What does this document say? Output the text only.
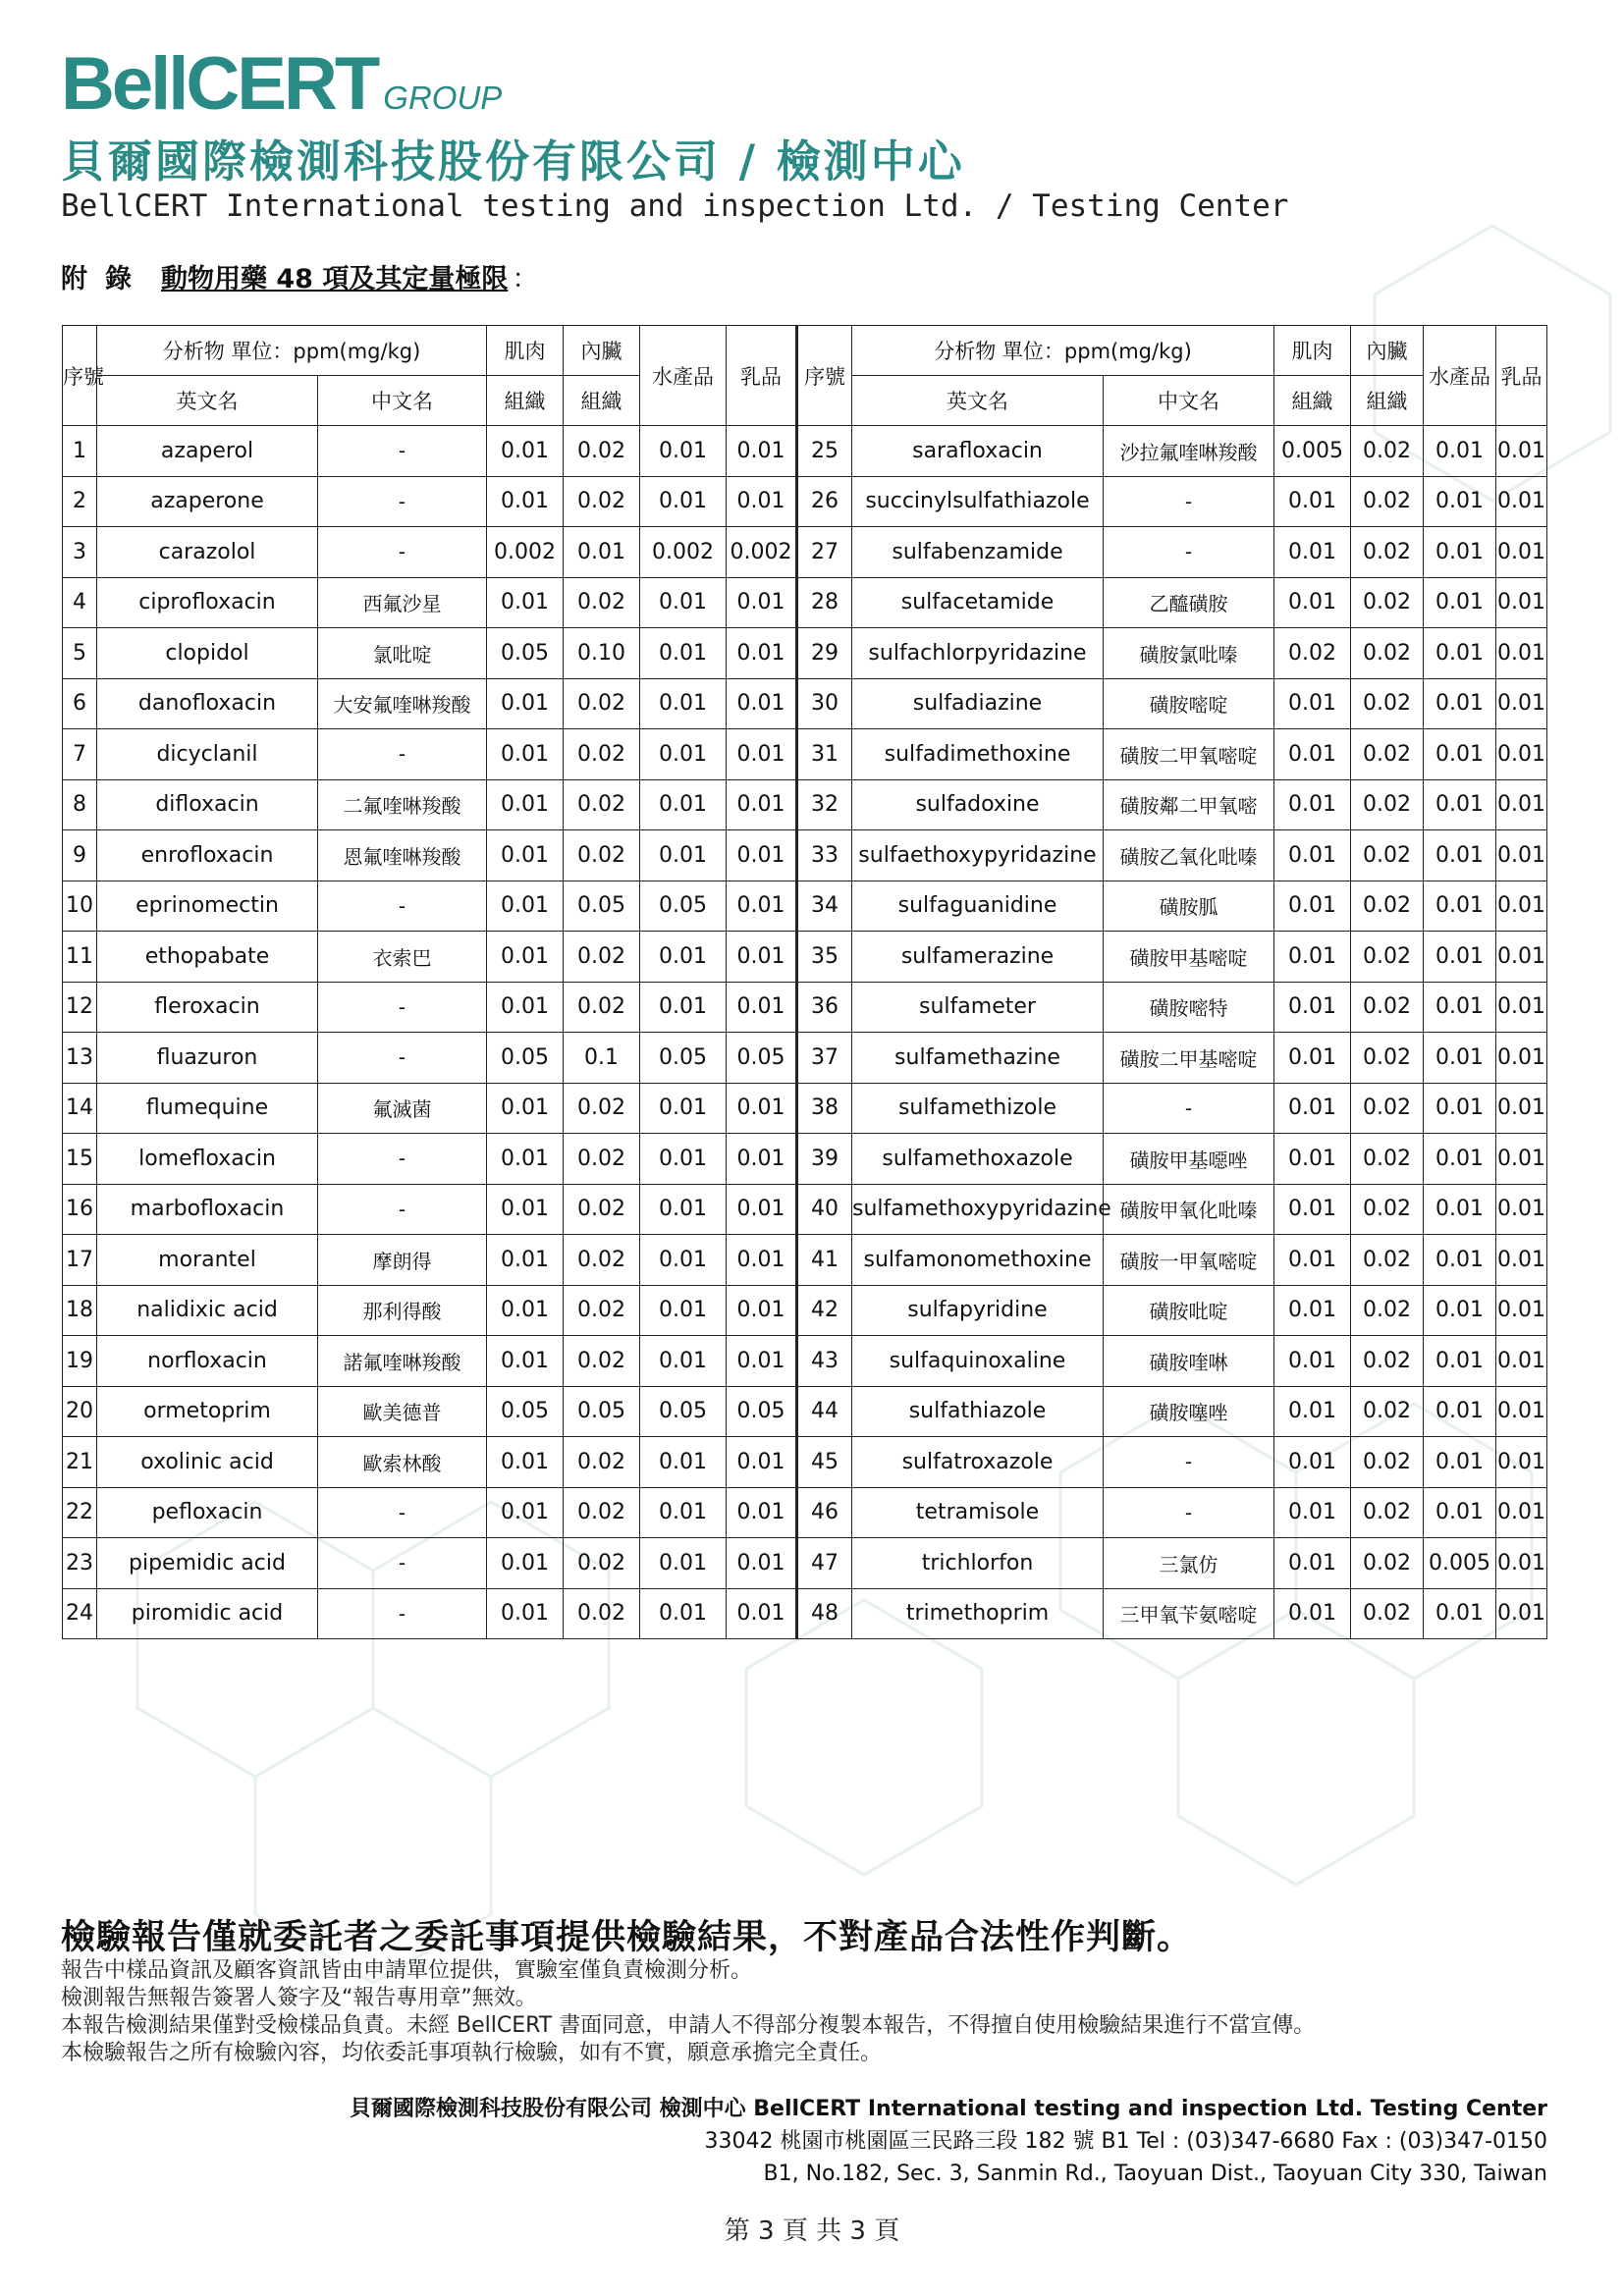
BellCERT GROUP
貝爾國際檢測科技股份有限公司 / 檢測中心
BellCERT International testing and inspection Ltd. / Testing Center
附錄 動物用藥 48 項及其定量極限 ：
序號	分析物 單位：ppm(mg/kg)		肌肉	內臟	水產品	乳品	序號	分析物 單位：ppm(mg/kg)		肌肉	內臟	水產品	乳品
	英文名	中文名	組織	組織				英文名	中文名	組織	組織		
1	azaperol	-	0.01	0.02	0.01	0.01	25	sarafloxacin	沙拉氟喹啉羧酸	0.005	0.02	0.01	0.01
2	azaperone	-	0.01	0.02	0.01	0.01	26	succinylsulfathiazole	-	0.01	0.02	0.01	0.01
3	carazolol	-	0.002	0.01	0.002	0.002	27	sulfabenzamide	-	0.01	0.02	0.01	0.01
4	ciprofloxacin	西氟沙星	0.01	0.02	0.01	0.01	28	sulfacetamide	乙醯磺胺	0.01	0.02	0.01	0.01
5	clopidol	氯吡啶	0.05	0.10	0.01	0.01	29	sulfachlorpyridazine	磺胺氯吡嗪	0.02	0.02	0.01	0.01
6	danofloxacin	大安氟喹啉羧酸	0.01	0.02	0.01	0.01	30	sulfadiazine	磺胺嘧啶	0.01	0.02	0.01	0.01
7	dicyclanil	-	0.01	0.02	0.01	0.01	31	sulfadimethoxine	磺胺二甲氧嘧啶	0.01	0.02	0.01	0.01
8	difloxacin	二氟喹啉羧酸	0.01	0.02	0.01	0.01	32	sulfadoxine	磺胺鄰二甲氧嘧	0.01	0.02	0.01	0.01
9	enrofloxacin	恩氟喹啉羧酸	0.01	0.02	0.01	0.01	33	sulfaethoxypyridazine	磺胺乙氧化吡嗪	0.01	0.02	0.01	0.01
10	eprinomectin	-	0.01	0.05	0.05	0.01	34	sulfaguanidine	磺胺胍	0.01	0.02	0.01	0.01
11	ethopabate	衣索巴	0.01	0.02	0.01	0.01	35	sulfamerazine	磺胺甲基嘧啶	0.01	0.02	0.01	0.01
12	fleroxacin	-	0.01	0.02	0.01	0.01	36	sulfameter	磺胺嘧特	0.01	0.02	0.01	0.01
13	fluazuron	-	0.05	0.1	0.05	0.05	37	sulfamethazine	磺胺二甲基嘧啶	0.01	0.02	0.01	0.01
14	flumequine	氟滅菌	0.01	0.02	0.01	0.01	38	sulfamethizole	-	0.01	0.02	0.01	0.01
15	lomefloxacin	-	0.01	0.02	0.01	0.01	39	sulfamethoxazole	磺胺甲基噁唑	0.01	0.02	0.01	0.01
16	marbofloxacin	-	0.01	0.02	0.01	0.01	40	sulfamethoxypyridazine	磺胺甲氧化吡嗪	0.01	0.02	0.01	0.01
17	morantel	摩朗得	0.01	0.02	0.01	0.01	41	sulfamonomethoxine	磺胺一甲氧嘧啶	0.01	0.02	0.01	0.01
18	nalidixic acid	那利得酸	0.01	0.02	0.01	0.01	42	sulfapyridine	磺胺吡啶	0.01	0.02	0.01	0.01
19	norfloxacin	諾氟喹啉羧酸	0.01	0.02	0.01	0.01	43	sulfaquinoxaline	磺胺喹啉	0.01	0.02	0.01	0.01
20	ormetoprim	歐美德普	0.05	0.05	0.05	0.05	44	sulfathiazole	磺胺噻唑	0.01	0.02	0.01	0.01
21	oxolinic acid	歐索林酸	0.01	0.02	0.01	0.01	45	sulfatroxazole	-	0.01	0.02	0.01	0.01
22	pefloxacin	-	0.01	0.02	0.01	0.01	46	tetramisole	-	0.01	0.02	0.01	0.01
23	pipemidic acid	-	0.01	0.02	0.01	0.01	47	trichlorfon	三氯仿	0.01	0.02	0.005	0.01
24	piromidic acid	-	0.01	0.02	0.01	0.01	48	trimethoprim	三甲氧苄氨嘧啶	0.01	0.02	0.01	0.01
檢驗報告僅就委託者之委託事項提供檢驗結果，不對產品合法性作判斷。
報告中樣品資訊及顧客資訊皆由申請單位提供，實驗室僅負責檢測分析。
檢測報告無報告簽署人簽字及“報告專用章”無效。
本報告檢測結果僅對受檢樣品負責。未經 BellCERT 書面同意，申請人不得部分複製本報告，不得擅自使用檢驗結果進行不當宣傳。
本檢驗報告之所有檢驗內容，均依委託事項執行檢驗，如有不實，願意承擔完全責任。
貝爾國際檢測科技股份有限公司 檢測中心 BellCERT International testing and inspection Ltd. Testing Center
33042 桃園市桃園區三民路三段 182 號 B1 Tel : (03)347-6680 Fax : (03)347-0150
B1, No.182, Sec. 3, Sanmin Rd., Taoyuan Dist., Taoyuan City 330, Taiwan
第 3 頁 共 3 頁
